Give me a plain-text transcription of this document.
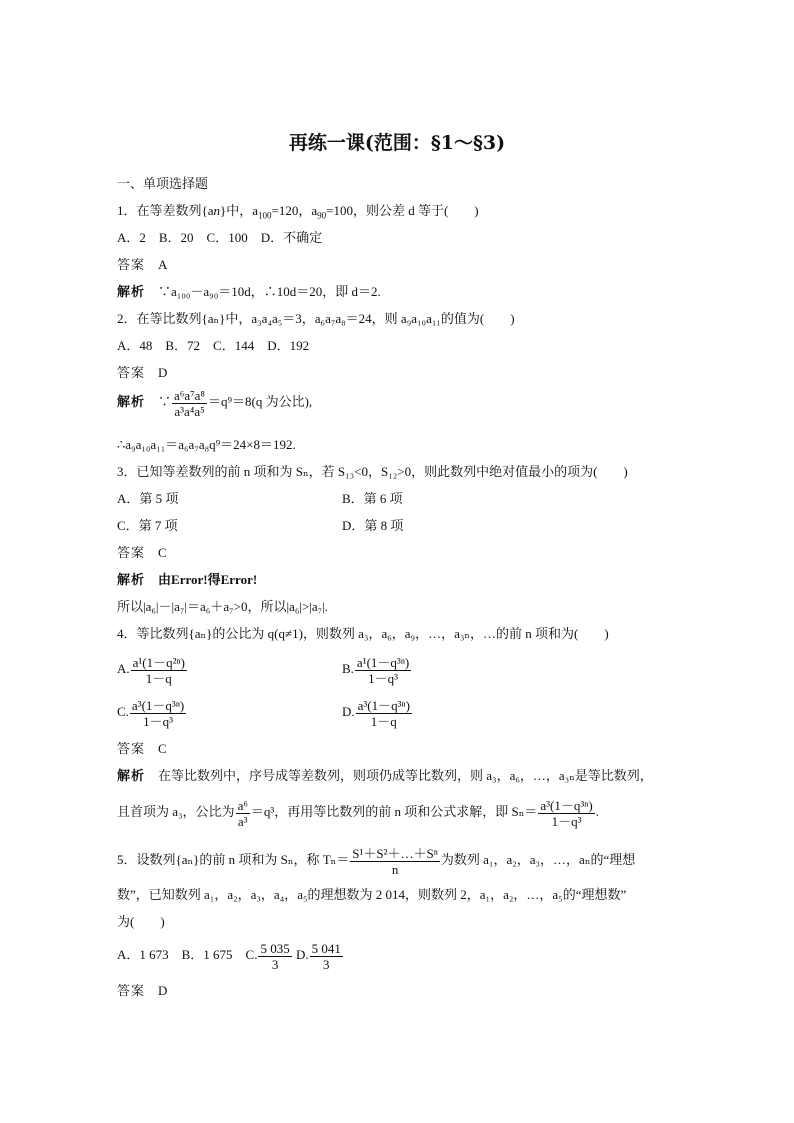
再练一课(范围：§1～§3)
一、单项选择题
1．在等差数列{an}中，$a_{100}=120$，$a_{90}=100$，则公差 d 等于(　　)
A．2　B．20　C．100　D．不确定
答案　 A
解析　 ∵a₁₀₀－a₉₀＝10d，∴10d＝20，即 d＝2.
2．在等比数列{aₙ}中，a₃a₄a₅＝3，a₆a₇a₈＝24，则 a₉a₁₀a₁₁的值为(　　)
A．48　B．72　C．144　D．192
答案　 D
解析　∵ $\frac{\text{a⁶a⁷a⁸}}{\text{a³a⁴a⁵}} =q^9=8(q$ 为公比),
∴a₉a₁₀a₁₁＝a₆a₇a₈q⁹＝24×8＝192.
3．已知等差数列的前 n 项和为 Sₙ，若 S₁₃<0，S₁₂>0，则此数列中绝对值最小的项为(　　)
A．第 5 项	B．第 6 项
C．第 7 项	D．第 8 项
答案　 C
解析　 由Error!得Error!
所以|a₆|－|a₇|＝a₆＋a₇>0，所以|a₆|>|a₇|.
4．等比数列{aₙ}的公比为 q(q≠1)，则数列 a₃，a₆，a₉，…，a₃ₙ，…的前 n 项和为(　　)
A. $\frac{\text{a¹(1－q²ⁿ)}}{1-q}$	B. $\frac{\text{a¹(1－q³ⁿ)}}{\text{1－q³}}$
C. $\frac{\text{a³(1－q³ⁿ)}}{\text{1－q³}}$	D. $\frac{\text{a³(1－q³ⁿ)}}{1-q}$
答案　 C
解析　 在等比数列中，序号成等差数列，则项仍成等比数列，则 a₃，a₆，…，a₃ₙ是等比数列，
且首项为 a₃，公比为 $\frac{\text{a⁶}}{\text{a³}} =q^3$，再用等比数列的前 n 项和公式求解，即 $S_n= \frac{\text{a³(1－q³ⁿ)}}{\text{1－q³}}$ .
5．设数列{aₙ}的前 n 项和为 Sₙ，称 $T_n= \frac{\text{S¹＋S²＋…＋Sⁿ}}{n}$ 为数列 a₁，a₂，a₃，…，aₙ的“理想
数”，已知数列 a₁，a₂，a₃，a₄，a₅的理想数为 2 014，则数列 2，a₁，a₂，…，a₅的“理想数”
为(　　)
A．1 673　B．1 675　C. $\frac{5 035}{3} D$. $\frac{5 041}{3}$
答案　 D
